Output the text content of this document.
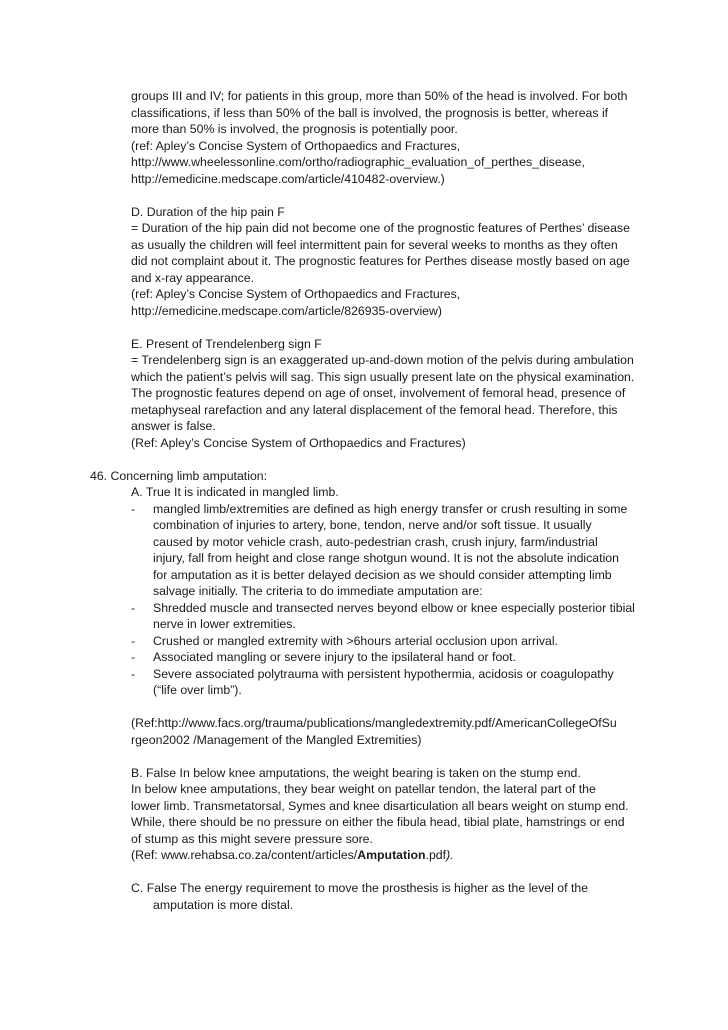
groups III and IV; for patients in this group, more than 50% of the head is involved. For both
classifications, if less than 50% of the ball is involved, the prognosis is better, whereas if
more than 50% is involved, the prognosis is potentially poor.
(ref: Apley’s Concise System of Orthopaedics and Fractures,
http://www.wheelessonline.com/ortho/radiographic_evaluation_of_perthes_disease,
http://emedicine.medscape.com/article/410482-overview.)
D. Duration of the hip pain F
= Duration of the hip pain did not become one of the prognostic features of Perthes’ disease
as usually the children will feel intermittent pain for several weeks to months as they often
did not complaint about it. The prognostic features for Perthes disease mostly based on age
and x-ray appearance.
(ref: Apley’s Concise System of Orthopaedics and Fractures,
http://emedicine.medscape.com/article/826935-overview)
E. Present of Trendelenberg sign F
= Trendelenberg sign is an exaggerated up-and-down motion of the pelvis during ambulation
which the patient’s pelvis will sag. This sign usually present late on the physical examination.
The prognostic features depend on age of onset, involvement of femoral head, presence of
metaphyseal rarefaction and any lateral displacement of the femoral head. Therefore, this
answer is false.
(Ref: Apley’s Concise System of Orthopaedics and Fractures)
46. Concerning limb amputation:
A. True It is indicated in mangled limb.
- mangled limb/extremities are defined as high energy transfer or crush resulting in some
combination of injuries to artery, bone, tendon, nerve and/or soft tissue. It usually
caused by motor vehicle crash, auto-pedestrian crash, crush injury, farm/industrial
injury, fall from height and close range shotgun wound. It is not the absolute indication
for amputation as it is better delayed decision as we should consider attempting limb
salvage initially. The criteria to do immediate amputation are:
- Shredded muscle and transected nerves beyond elbow or knee especially posterior tibial
nerve in lower extremities.
- Crushed or mangled extremity with >6hours arterial occlusion upon arrival.
- Associated mangling or severe injury to the ipsilateral hand or foot.
- Severe associated polytrauma with persistent hypothermia, acidosis or coagulopathy
(“life over limb”).
(Ref:http://www.facs.org/trauma/publications/mangledextremity.pdf/AmericanCollegeOfSu
rgeon2002 /Management of the Mangled Extremities)
B. False In below knee amputations, the weight bearing is taken on the stump end.
In below knee amputations, they bear weight on patellar tendon, the lateral part of the
lower limb. Transmetatorsal, Symes and knee disarticulation all bears weight on stump end.
While, there should be no pressure on either the fibula head, tibial plate, hamstrings or end
of stump as this might severe pressure sore.
(Ref: www.rehabsa.co.za/content/articles/Amputation.pdf).
C. False The energy requirement to move the prosthesis is higher as the level of the
amputation is more distal.
